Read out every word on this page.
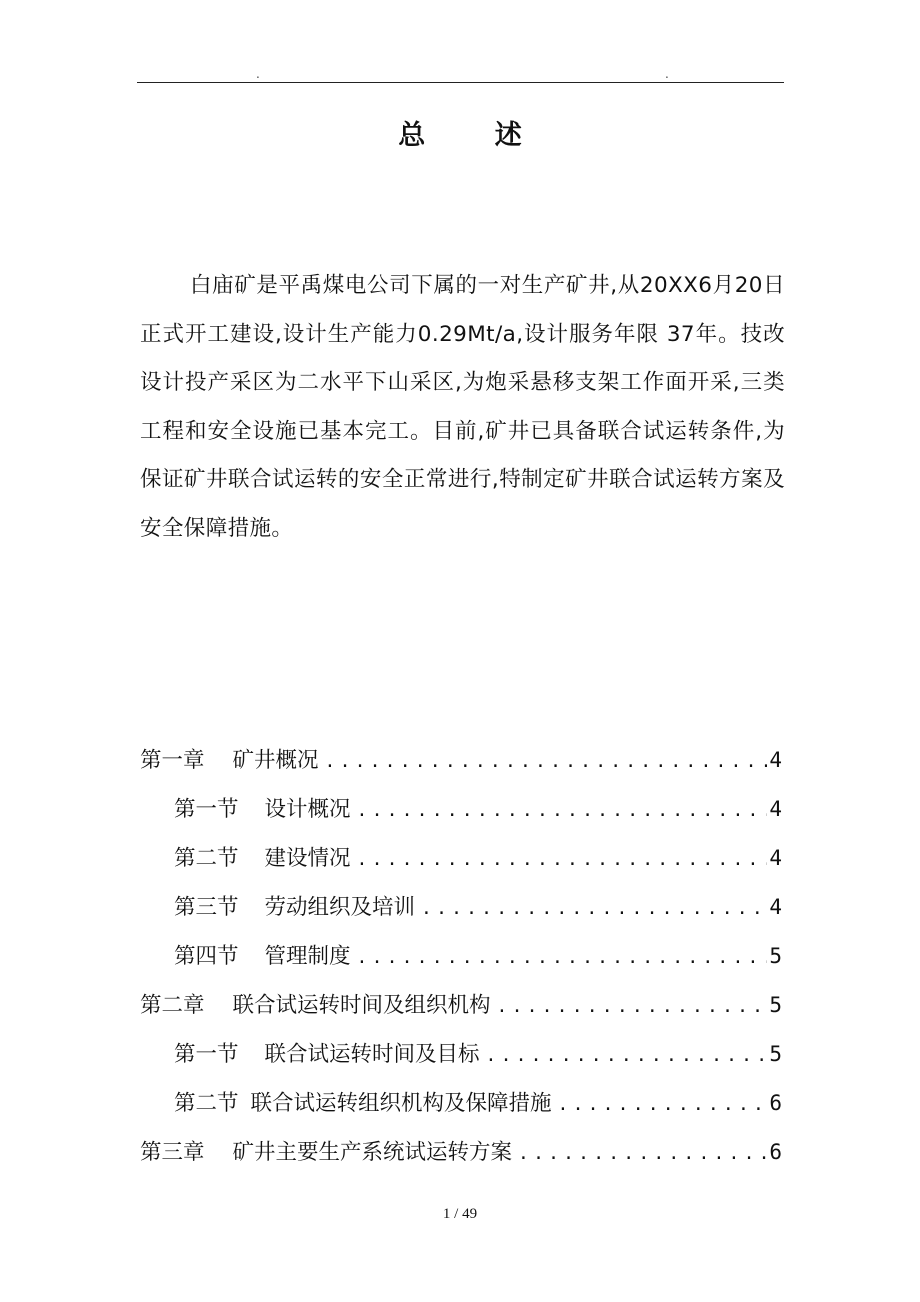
.	.
总 述
白庙矿是平禹煤电公司下属的一对生产矿井,从20XX6月20日正式开工建设,设计生产能力0.29Mt/a,设计服务年限 37年。技改设计投产采区为二水平下山采区,为炮采悬移支架工作面开采,三类工程和安全设施已基本完工。目前,矿井已具备联合试运转条件,为保证矿井联合试运转的安全正常进行,特制定矿井联合试运转方案及安全保障措施。
第一章	矿井概况 .....	4
第一节	设计概况 .....	4
第二节	建设情况 .....	4
第三节	劳动组织及培训 .....	4
第四节	管理制度 .....	5
第二章	联合试运转时间及组织机构 .....	5
第一节	联合试运转时间及目标 .....	5
第二节 联合试运转组织机构及保障措施 .....	6
第三章	矿井主要生产系统试运转方案 .....	6
1 / 49
